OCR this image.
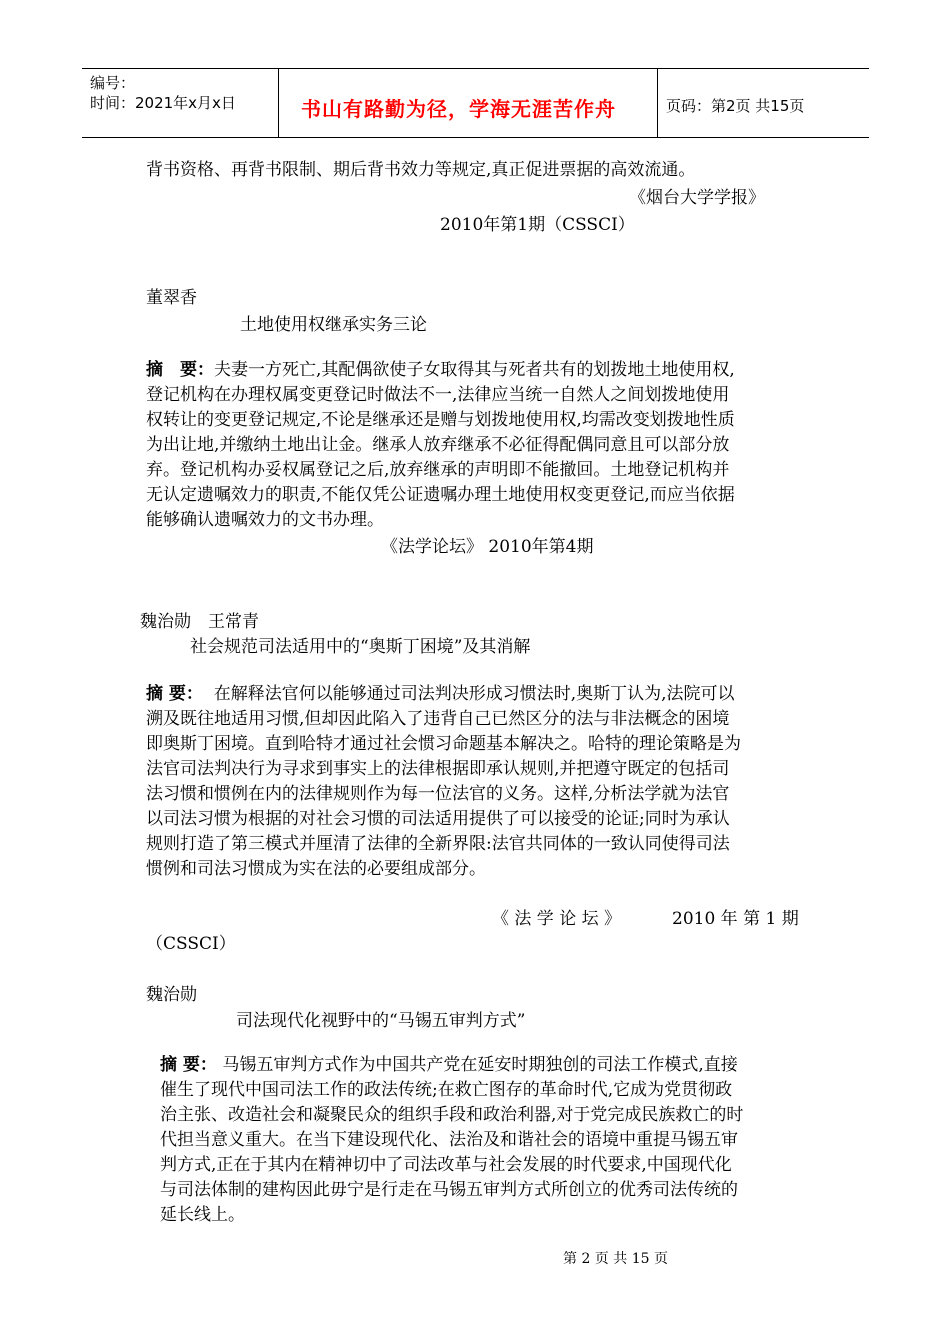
编号：
时间：2021年x月x日	书山有路勤为径，学海无涯苦作舟	页码：第2页 共15页
背书资格、再背书限制、期后背书效力等规定,真正促进票据的高效流通。
《烟台大学学报》
2010年第1期（CSSCI）
董翠香
土地使用权继承实务三论
摘　要：夫妻一方死亡,其配偶欲使子女取得其与死者共有的划拨地土地使用权,
登记机构在办理权属变更登记时做法不一,法律应当统一自然人之间划拨地使用
权转让的变更登记规定,不论是继承还是赠与划拨地使用权,均需改变划拨地性质
为出让地,并缴纳土地出让金。继承人放弃继承不必征得配偶同意且可以部分放
弃。登记机构办妥权属登记之后,放弃继承的声明即不能撤回。土地登记机构并
无认定遗嘱效力的职责,不能仅凭公证遗嘱办理土地使用权变更登记,而应当依据
能够确认遗嘱效力的文书办理。
《法学论坛》 2010年第4期
魏治勋　王常青
社会规范司法适用中的“奥斯丁困境”及其消解
摘 要： 在解释法官何以能够通过司法判决形成习惯法时,奥斯丁认为,法院可以
溯及既往地适用习惯,但却因此陷入了违背自己已然区分的法与非法概念的困境
即奥斯丁困境。直到哈特才通过社会惯习命题基本解决之。哈特的理论策略是为
法官司法判决行为寻求到事实上的法律根据即承认规则,并把遵守既定的包括司
法习惯和惯例在内的法律规则作为每一位法官的义务。这样,分析法学就为法官
以司法习惯为根据的对社会习惯的司法适用提供了可以接受的论证;同时为承认
规则打造了第三模式并厘清了法律的全新界限:法官共同体的一致认同使得司法
惯例和司法习惯成为实在法的必要组成部分。
《 法 学 论 坛 》	2010 年 第 1 期
（CSSCI）
魏治勋
司法现代化视野中的“马锡五审判方式”
摘 要： 马锡五审判方式作为中国共产党在延安时期独创的司法工作模式,直接
催生了现代中国司法工作的政法传统;在救亡图存的革命时代,它成为党贯彻政
治主张、改造社会和凝聚民众的组织手段和政治利器,对于党完成民族救亡的时
代担当意义重大。在当下建设现代化、法治及和谐社会的语境中重提马锡五审
判方式,正在于其内在精神切中了司法改革与社会发展的时代要求,中国现代化
与司法体制的建构因此毋宁是行走在马锡五审判方式所创立的优秀司法传统的
延长线上。
第 2 页 共 15 页
